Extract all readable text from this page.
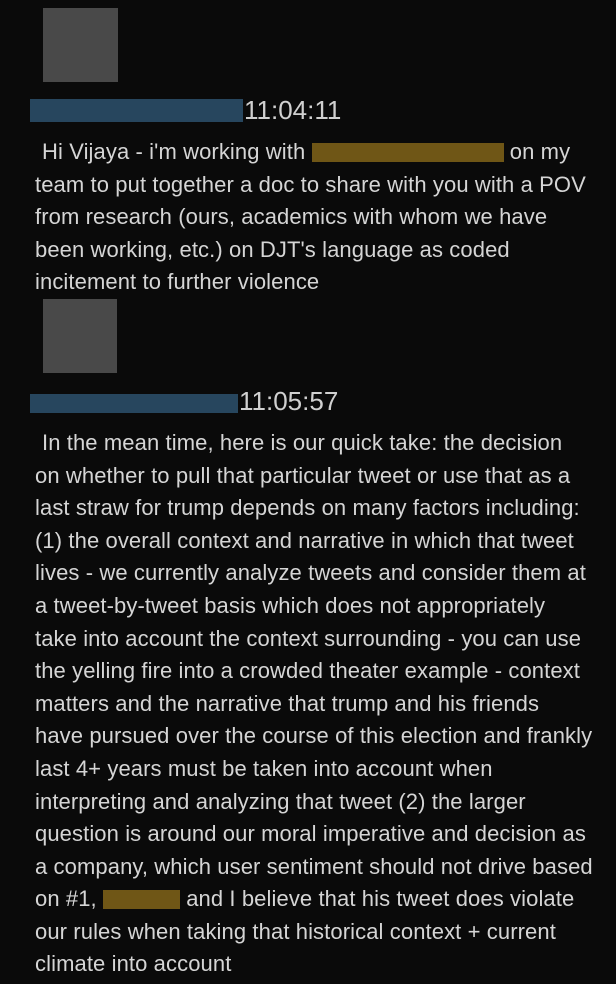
11:04:11
Hi Vijaya - i'm working with	on my team to put together a doc to share with you with a POV from research (ours, academics with whom we have been working, etc.) on DJT's language as coded incitement to further violence
11:05:57
In the mean time, here is our quick take: the decision on whether to pull that particular tweet or use that as a last straw for trump depends on many factors including: (1) the overall context and narrative in which that tweet lives - we currently analyze tweets and consider them at a tweet-by-tweet basis which does not appropriately take into account the context surrounding - you can use the yelling fire into a crowded theater example - context matters and the narrative that trump and his friends have pursued over the course of this election and frankly last 4+ years must be taken into account when interpreting and analyzing that tweet (2) the larger question is around our moral imperative and decision as a company, which user sentiment should not drive based on #1,	and I believe that his tweet does violate our rules when taking that historical context + current climate into account
